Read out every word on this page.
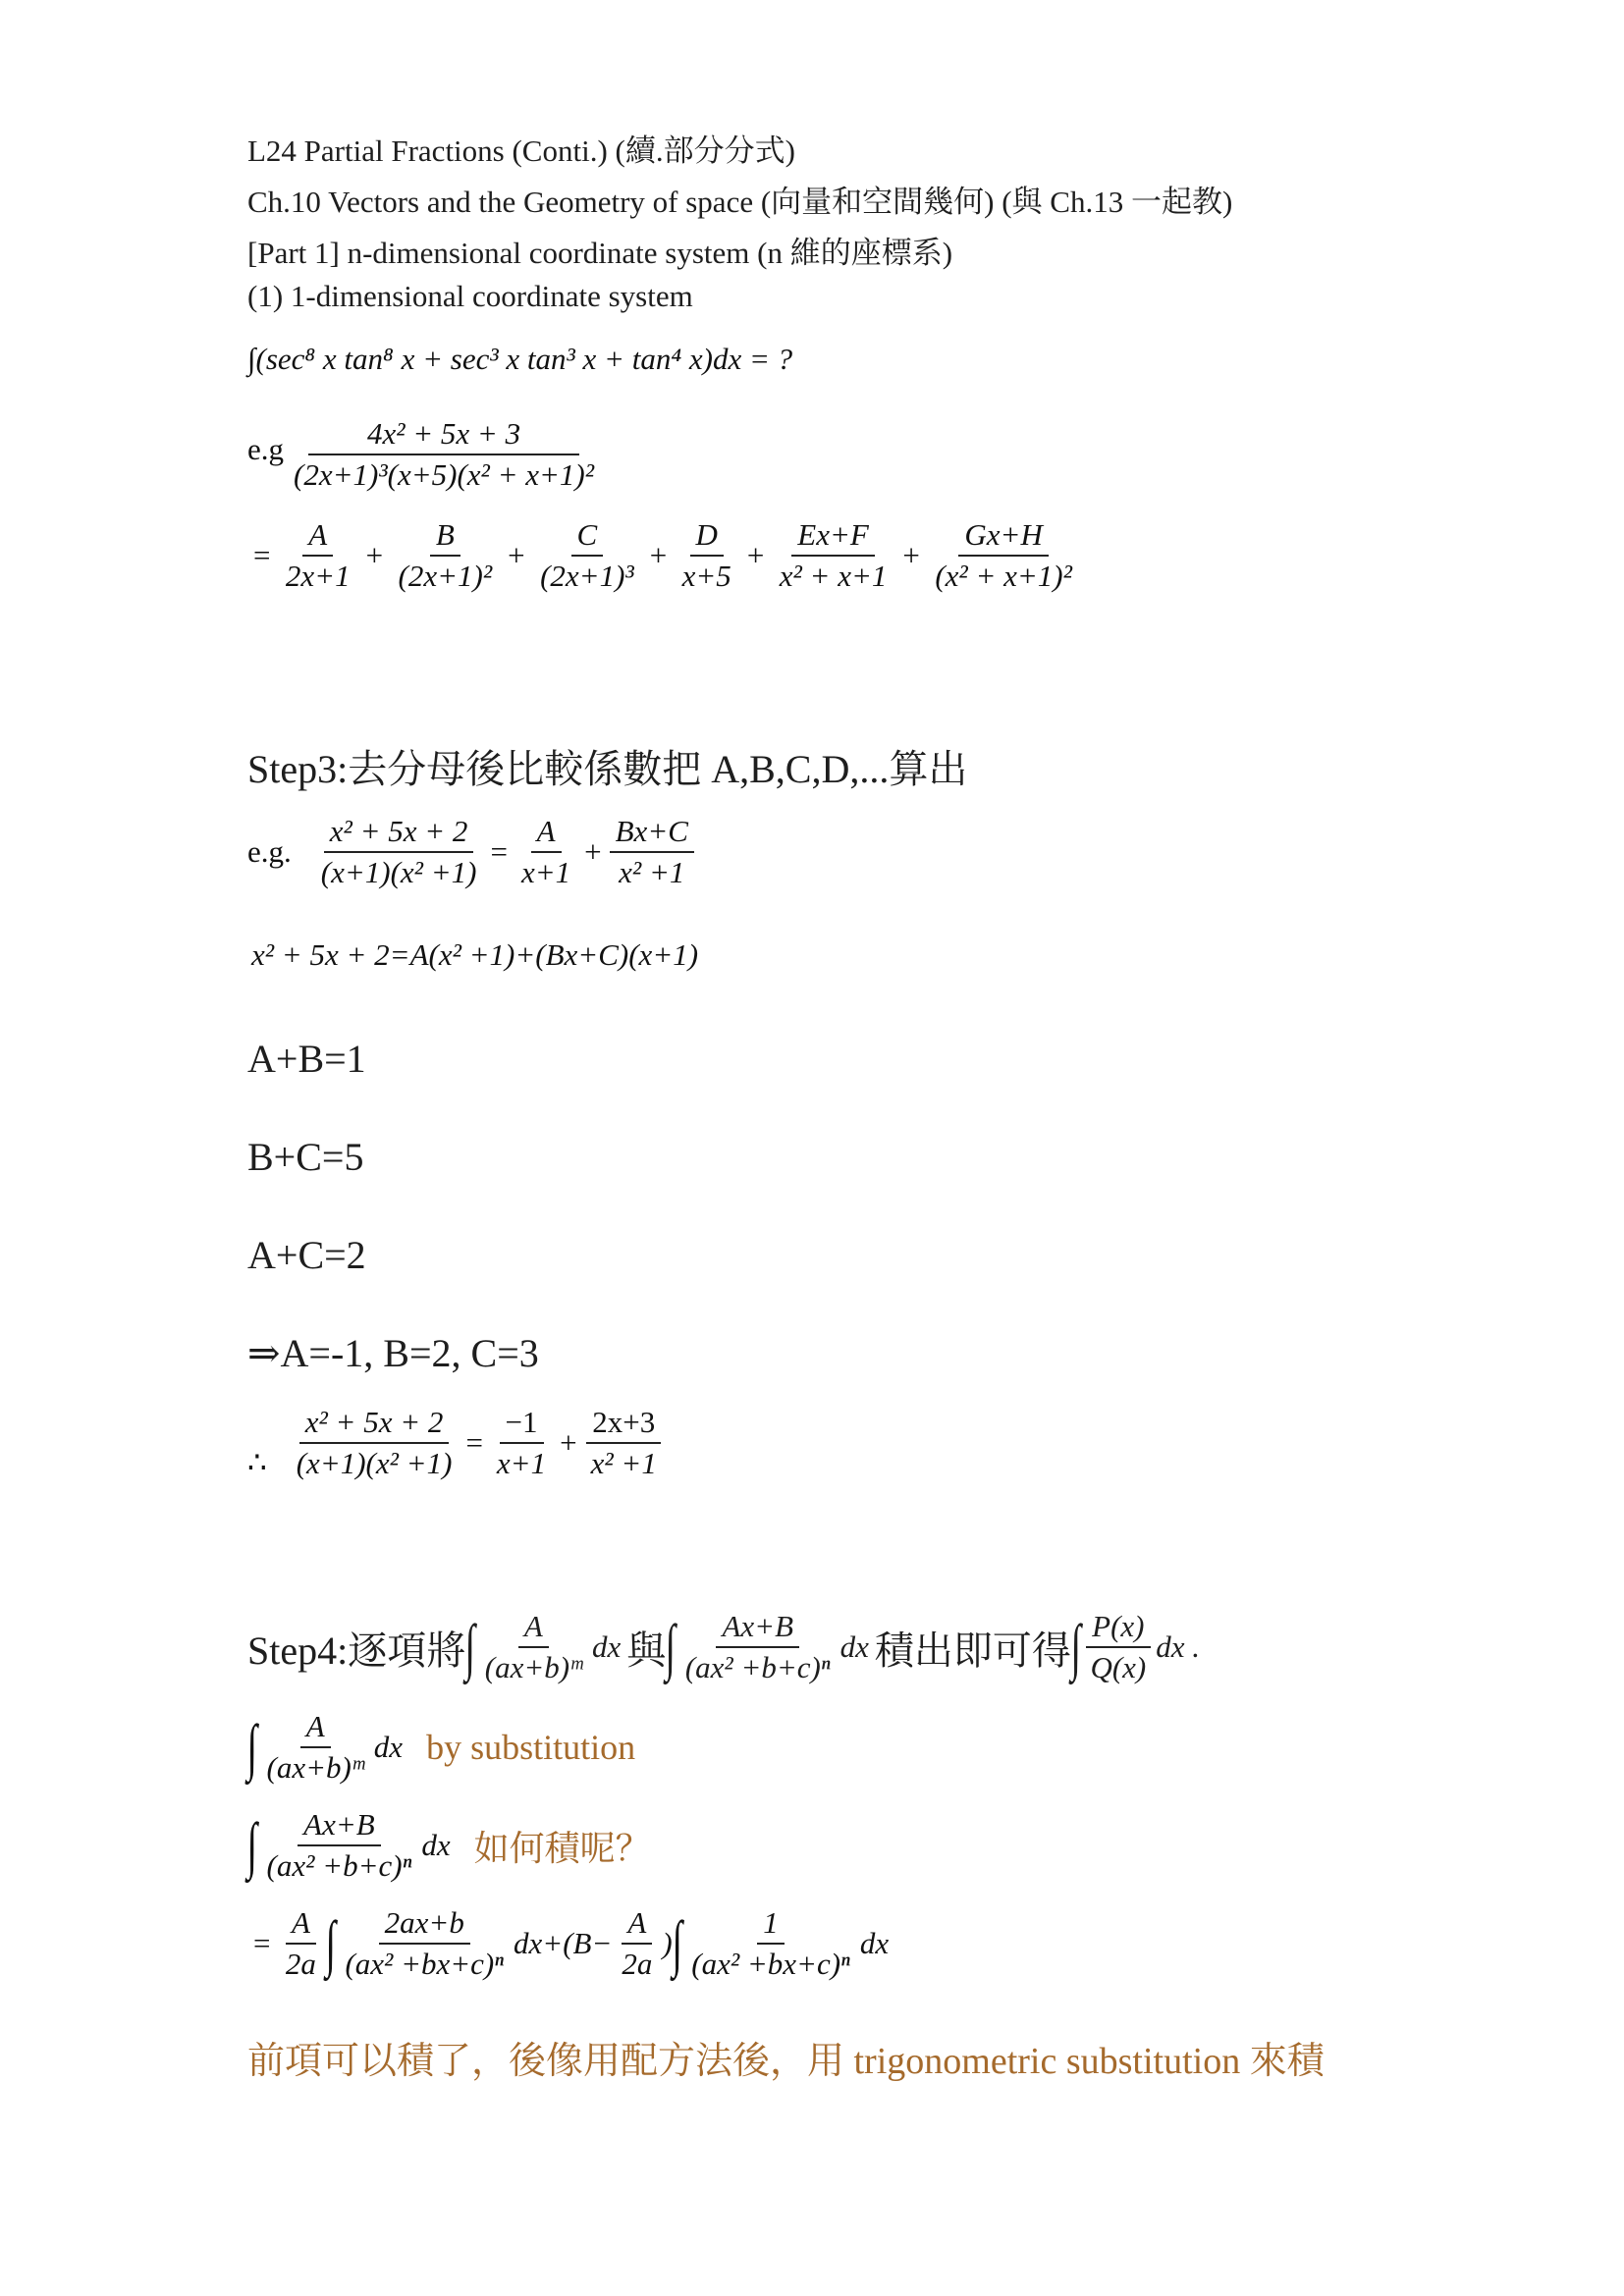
L24 Partial Fractions (Conti.) (續.部分分式)
Ch.10 Vectors and the Geometry of space (向量和空間幾何) (與 Ch.13 一起教)
[Part 1] n-dimensional coordinate system (n 維的座標系)
(1) 1-dimensional coordinate system
∫(sec⁸ x tan⁸ x + sec³ x tan³ x + tan⁴ x)dx = ?
$e.g \frac{\text{4x² + 5x + 3}}{\text{(2x+1)³(x+5)(x² + x+1)²}}$
= $\frac{A}{2x+1} + \frac{B}{\text{(2x+1)²}} + \frac{C}{\text{(2x+1)³}} + \frac{D}{x+5} + \frac{Ex+F}{\text{x² + x+1}} + \frac{Gx+H}{\text{(x² + x+1)²}}$
Step3:去分母後比較係數把 A,B,C,D,...算出
e.g. $\frac{\text{x² + 5x + 2}}{\text{(x+1)(x² +1)}} = \frac{A}{x+1} + \frac{Bx+C}{\text{x² +1}}$
x² + 5x + 2=A(x² +1)+(Bx+C)(x+1)
A+B=1
B+C=5
A+C=2
⇒A=-1, B=2, C=3
∴ $\frac{\text{x² + 5x + 2}}{\text{(x+1)(x² +1)}} = \frac{-1}{x+1} + \frac{2x+3}{\text{x² +1}}$
Step4:逐項將 ∫ $\frac{A}{\text{(ax+b)ᵐ}}$ dx 與 ∫ $\frac{Ax+B}{\text{(ax² +b+c)ⁿ}}$ dx 積出即可得 ∫ $\frac{P(x)}{Q(x)}$ dx .
∫ $\frac{A}{\text{(ax+b)ᵐ}}$ dx by substitution
∫ $\frac{Ax+B}{\text{(ax² +b+c)ⁿ}}$ dx 如何積呢？
= $\frac{A}{2a}$ ∫ $\frac{2ax+b}{\text{(ax² +bx+c)ⁿ}} dx+(B- \frac{A}{2a}$ ) ∫ $\frac{1}{\text{(ax² +bx+c)ⁿ}}$ dx
前項可以積了，後像用配方法後，用 trigonometric substitution 來積
